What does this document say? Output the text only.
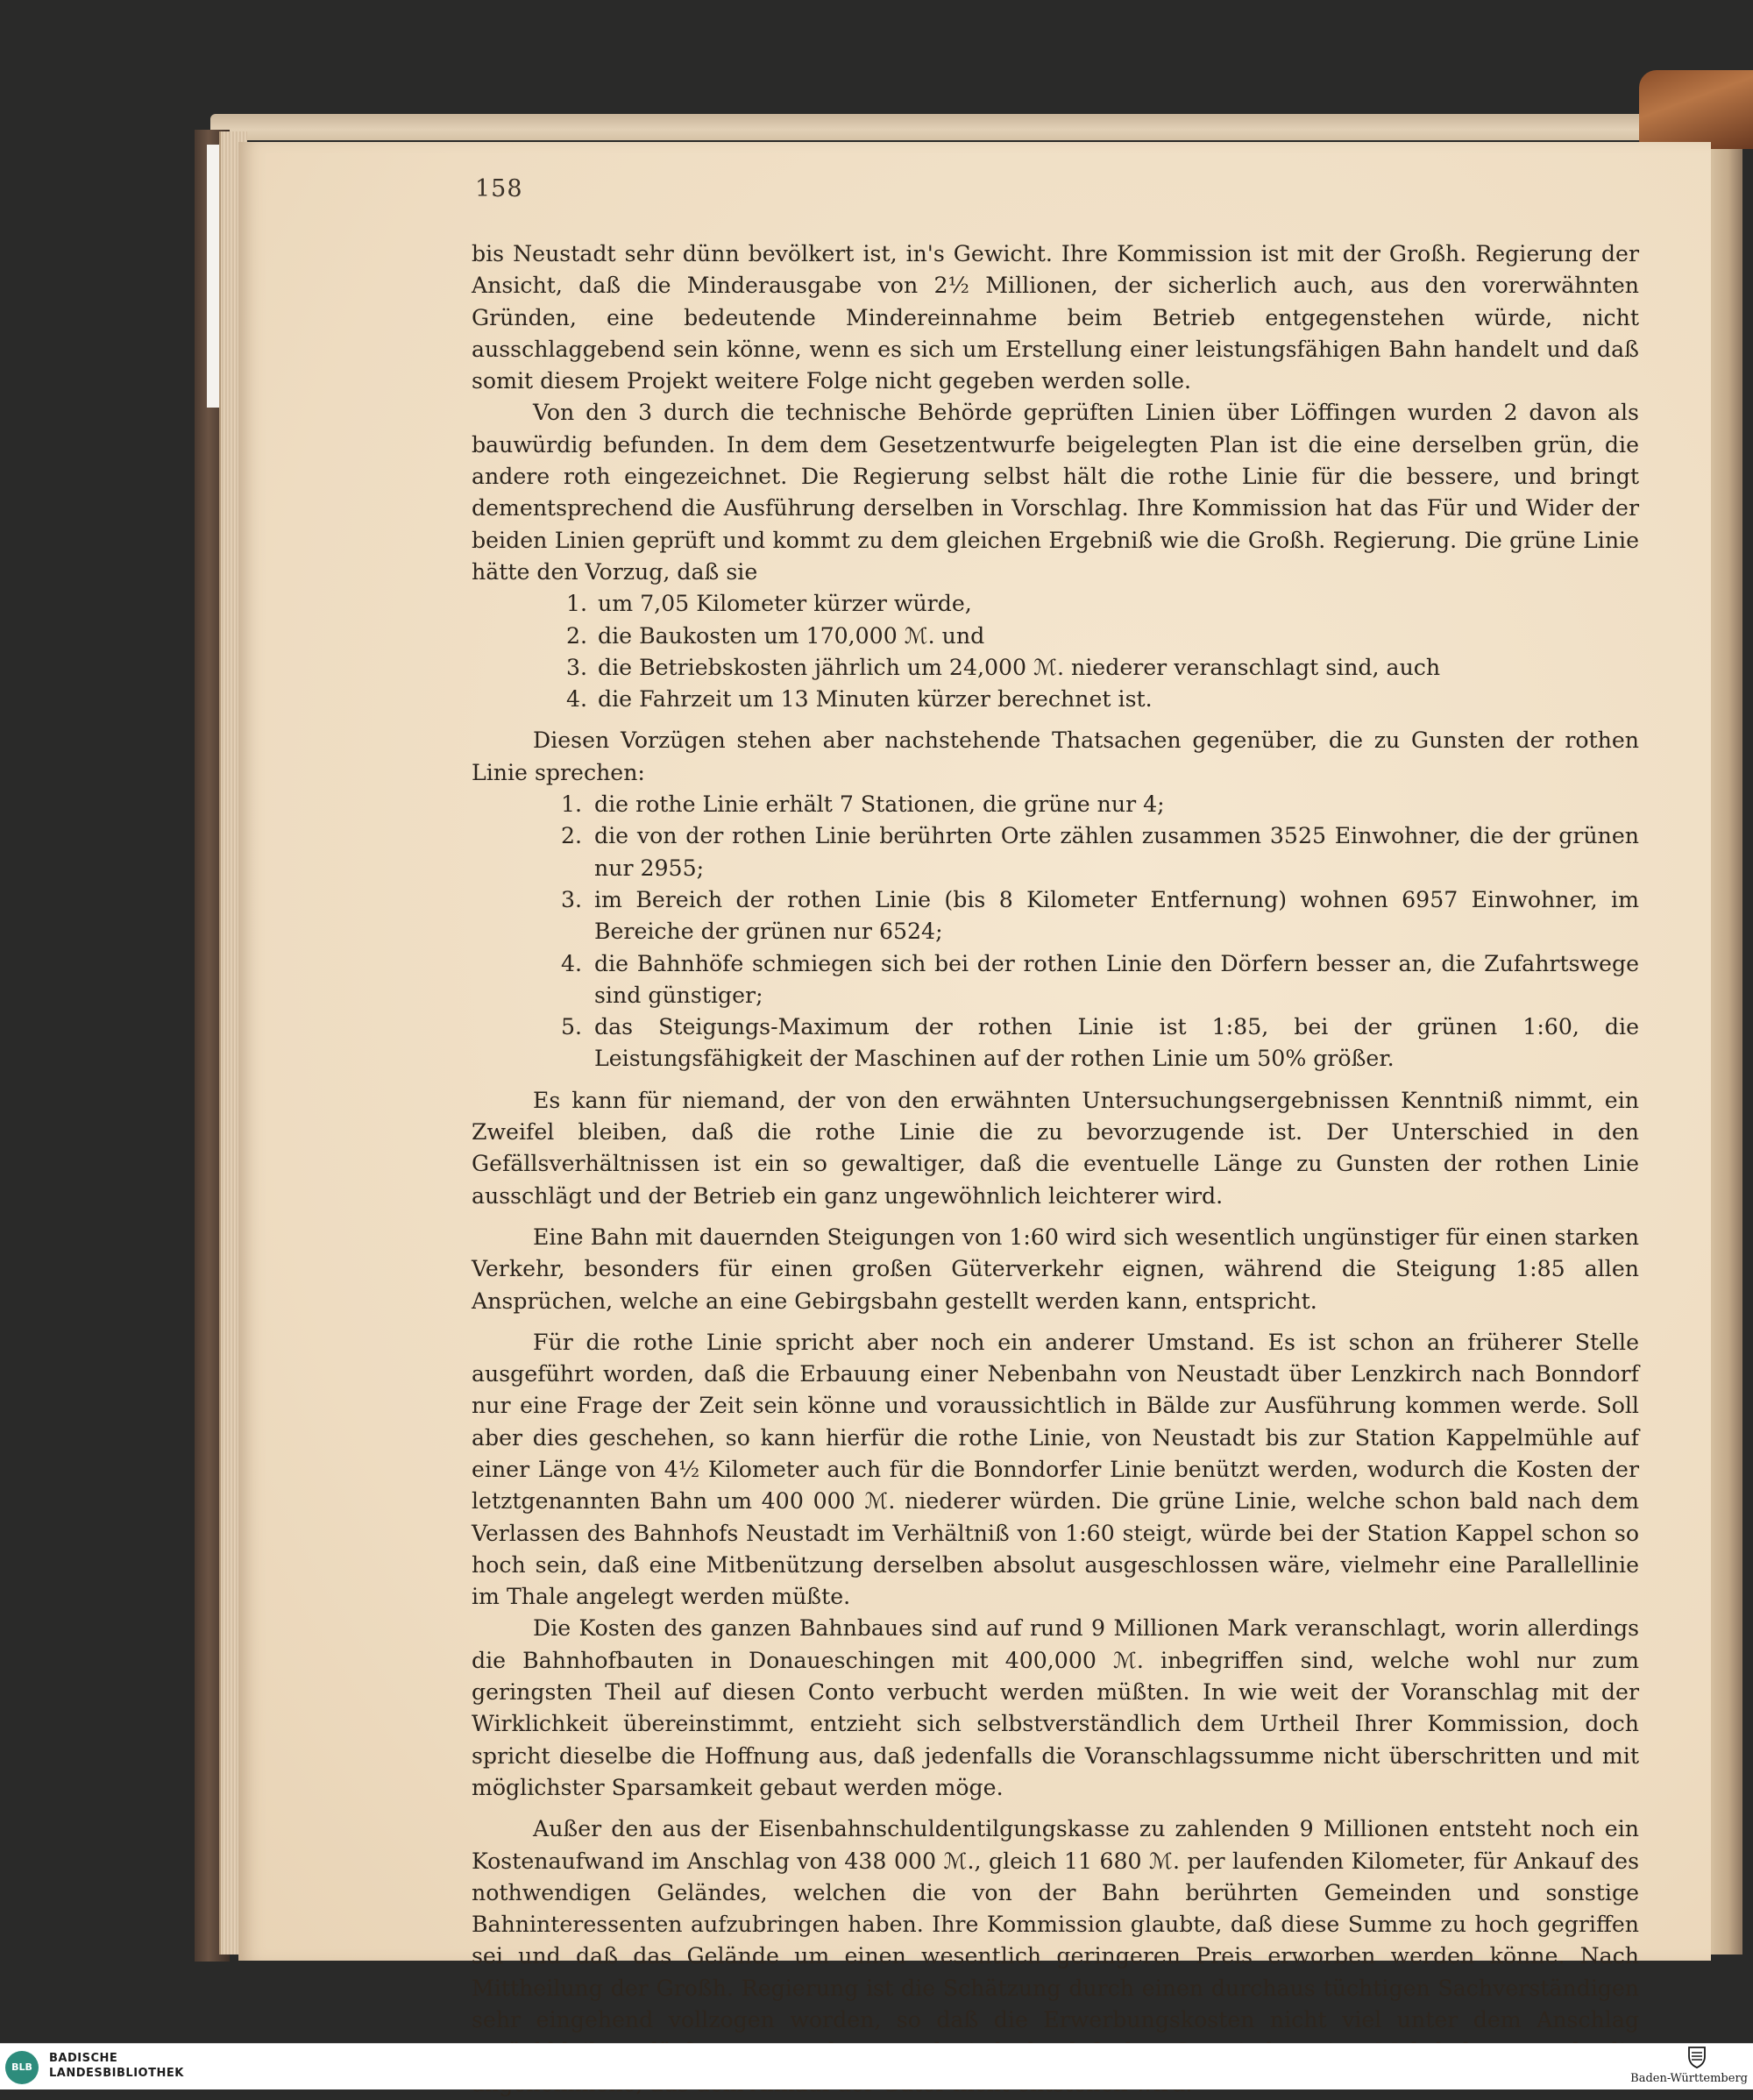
158

bis Neustadt sehr dünn bevölkert ist, in's Gewicht. Ihre Kommission ist mit der Großh. Regierung der Ansicht, daß die Minderausgabe von 2½ Millionen, der sicherlich auch, aus den vorerwähnten Gründen, eine bedeutende Mindereinnahme beim Betrieb entgegenstehen würde, nicht ausschlaggebend sein könne, wenn es sich um Erstellung einer leistungsfähigen Bahn handelt und daß somit diesem Projekt weitere Folge nicht gegeben werden solle.

Von den 3 durch die technische Behörde geprüften Linien über Löffingen wurden 2 davon als bauwürdig befunden. In dem dem Gesetzentwurfe beigelegten Plan ist die eine derselben grün, die andere roth eingezeichnet. Die Regierung selbst hält die rothe Linie für die bessere, und bringt dementsprechend die Ausführung derselben in Vorschlag. Ihre Kommission hat das Für und Wider der beiden Linien geprüft und kommt zu dem gleichen Ergebniß wie die Großh. Regierung. Die grüne Linie hätte den Vorzug, daß sie

1. um 7,05 Kilometer kürzer würde,
2. die Baukosten um 170,000 ℳ. und
3. die Betriebskosten jährlich um 24,000 ℳ. niederer veranschlagt sind, auch
4. die Fahrzeit um 13 Minuten kürzer berechnet ist.

Diesen Vorzügen stehen aber nachstehende Thatsachen gegenüber, die zu Gunsten der rothen Linie sprechen:

1. die rothe Linie erhält 7 Stationen, die grüne nur 4;
2. die von der rothen Linie berührten Orte zählen zusammen 3525 Einwohner, die der grünen nur 2955;
3. im Bereich der rothen Linie (bis 8 Kilometer Entfernung) wohnen 6957 Einwohner, im Bereiche der grünen nur 6524;
4. die Bahnhöfe schmiegen sich bei der rothen Linie den Dörfern besser an, die Zufahrtswege sind günstiger;
5. das Steigungs-Maximum der rothen Linie ist 1:85, bei der grünen 1:60, die Leistungsfähigkeit der Maschinen auf der rothen Linie um 50% größer.

Es kann für niemand, der von den erwähnten Untersuchungsergebnissen Kenntniß nimmt, ein Zweifel bleiben, daß die rothe Linie die zu bevorzugende ist. Der Unterschied in den Gefällsverhältnissen ist ein so gewaltiger, daß die eventuelle Länge zu Gunsten der rothen Linie ausschlägt und der Betrieb ein ganz ungewöhnlich leichterer wird.

Eine Bahn mit dauernden Steigungen von 1:60 wird sich wesentlich ungünstiger für einen starken Verkehr, besonders für einen großen Güterverkehr eignen, während die Steigung 1:85 allen Ansprüchen, welche an eine Gebirgsbahn gestellt werden kann, entspricht.

Für die rothe Linie spricht aber noch ein anderer Umstand. Es ist schon an früherer Stelle ausgeführt worden, daß die Erbauung einer Nebenbahn von Neustadt über Lenzkirch nach Bonndorf nur eine Frage der Zeit sein könne und voraussichtlich in Bälde zur Ausführung kommen werde. Soll aber dies geschehen, so kann hierfür die rothe Linie, von Neustadt bis zur Station Kappelmühle auf einer Länge von 4½ Kilometer auch für die Bonndorfer Linie benützt werden, wodurch die Kosten der letztgenannten Bahn um 400 000 ℳ. niederer würden. Die grüne Linie, welche schon bald nach dem Verlassen des Bahnhofs Neustadt im Verhältniß von 1:60 steigt, würde bei der Station Kappel schon so hoch sein, daß eine Mitbenützung derselben absolut ausgeschlossen wäre, vielmehr eine Parallellinie im Thale angelegt werden müßte.

Die Kosten des ganzen Bahnbaues sind auf rund 9 Millionen Mark veranschlagt, worin allerdings die Bahnhofbauten in Donaueschingen mit 400,000 ℳ. inbegriffen sind, welche wohl nur zum geringsten Theil auf diesen Conto verbucht werden müßten. In wie weit der Voranschlag mit der Wirklichkeit übereinstimmt, entzieht sich selbstverständlich dem Urtheil Ihrer Kommission, doch spricht dieselbe die Hoffnung aus, daß jedenfalls die Voranschlagssumme nicht überschritten und mit möglichster Sparsamkeit gebaut werden möge.

Außer den aus der Eisenbahnschuldentilgungskasse zu zahlenden 9 Millionen entsteht noch ein Kostenaufwand im Anschlag von 438 000 ℳ., gleich 11 680 ℳ. per laufenden Kilometer, für Ankauf des nothwendigen Geländes, welchen die von der Bahn berührten Gemeinden und sonstige Bahninteressenten aufzubringen haben. Ihre Kommission glaubte, daß diese Summe zu hoch gegriffen sei und daß das Gelände um einen wesentlich geringeren Preis erworben werden könne. Nach Mittheilung der Großh. Regierung ist die Schätzung durch einen durchaus tüchtigen Sachverständigen sehr eingehend vollzogen worden, so daß die Erwerbungskosten nicht viel unter dem Anschlag

BLB
BADISCHE
LANDESBIBLIOTHEK	Baden-Württemberg
